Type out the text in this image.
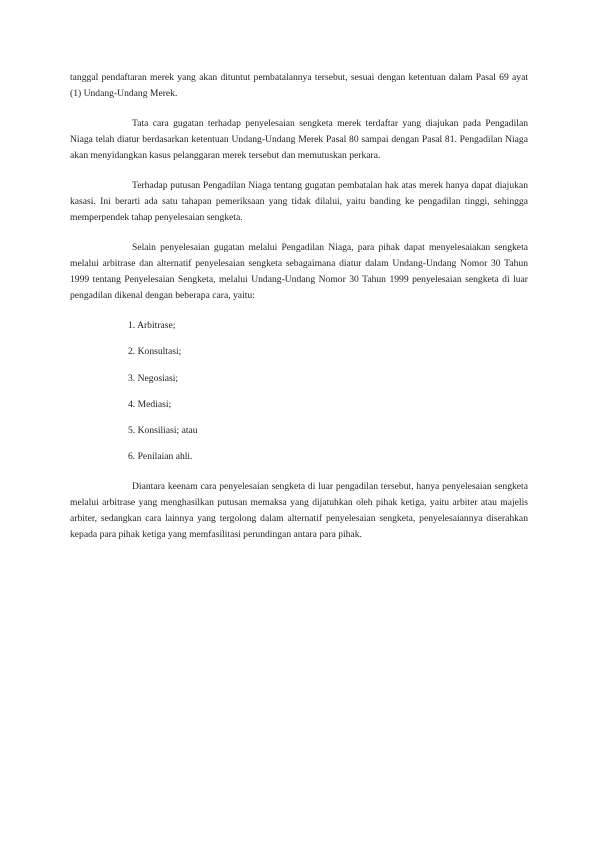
tanggal pendaftaran merek yang akan dituntut pembatalannya tersebut, sesuai dengan ketentuan dalam Pasal 69 ayat (1) Undang-Undang Merek.

Tata cara gugatan terhadap penyelesaian sengketa merek terdaftar yang diajukan pada Pengadilan Niaga telah diatur berdasarkan ketentuan Undang-Undang Merek Pasal 80 sampai dengan Pasal 81. Pengadilan Niaga akan menyidangkan kasus pelanggaran merek tersebut dan memutuskan perkara.

Terhadap putusan Pengadilan Niaga tentang gugatan pembatalan hak atas merek hanya dapat diajukan kasasi. Ini berarti ada satu tahapan pemeriksaan yang tidak dilalui, yaitu banding ke pengadilan tinggi, sehingga memperpendek tahap penyelesaian sengketa.

Selain penyelesaian gugatan melalui Pengadilan Niaga, para pihak dapat menyelesaiakan sengketa melalui arbitrase dan alternatif penyelesaian sengketa sebagaimana diatur dalam Undang-Undang Nomor 30 Tahun 1999 tentang Penyelesaian Sengketa, melalui Undang-Undang Nomor 30 Tahun 1999 penyelesaian sengketa di luar pengadilan dikenal dengan beberapa cara, yaitu:

1. Arbitrase;
2. Konsultasi;
3. Negosiasi;
4. Mediasi;
5. Konsiliasi; atau
6. Penilaian ahli.

Diantara keenam cara penyelesaian sengketa di luar pengadilan tersebut, hanya penyelesaian sengketa melalui arbitrase yang menghasilkan putusan memaksa yang dijatuhkan oleh pihak ketiga, yaitu arbiter atau majelis arbiter, sedangkan cara lainnya yang tergolong dalam alternatif penyelesaian sengketa, penyelesaiannya diserahkan kepada para pihak ketiga yang memfasilitasi perundingan antara para pihak.
